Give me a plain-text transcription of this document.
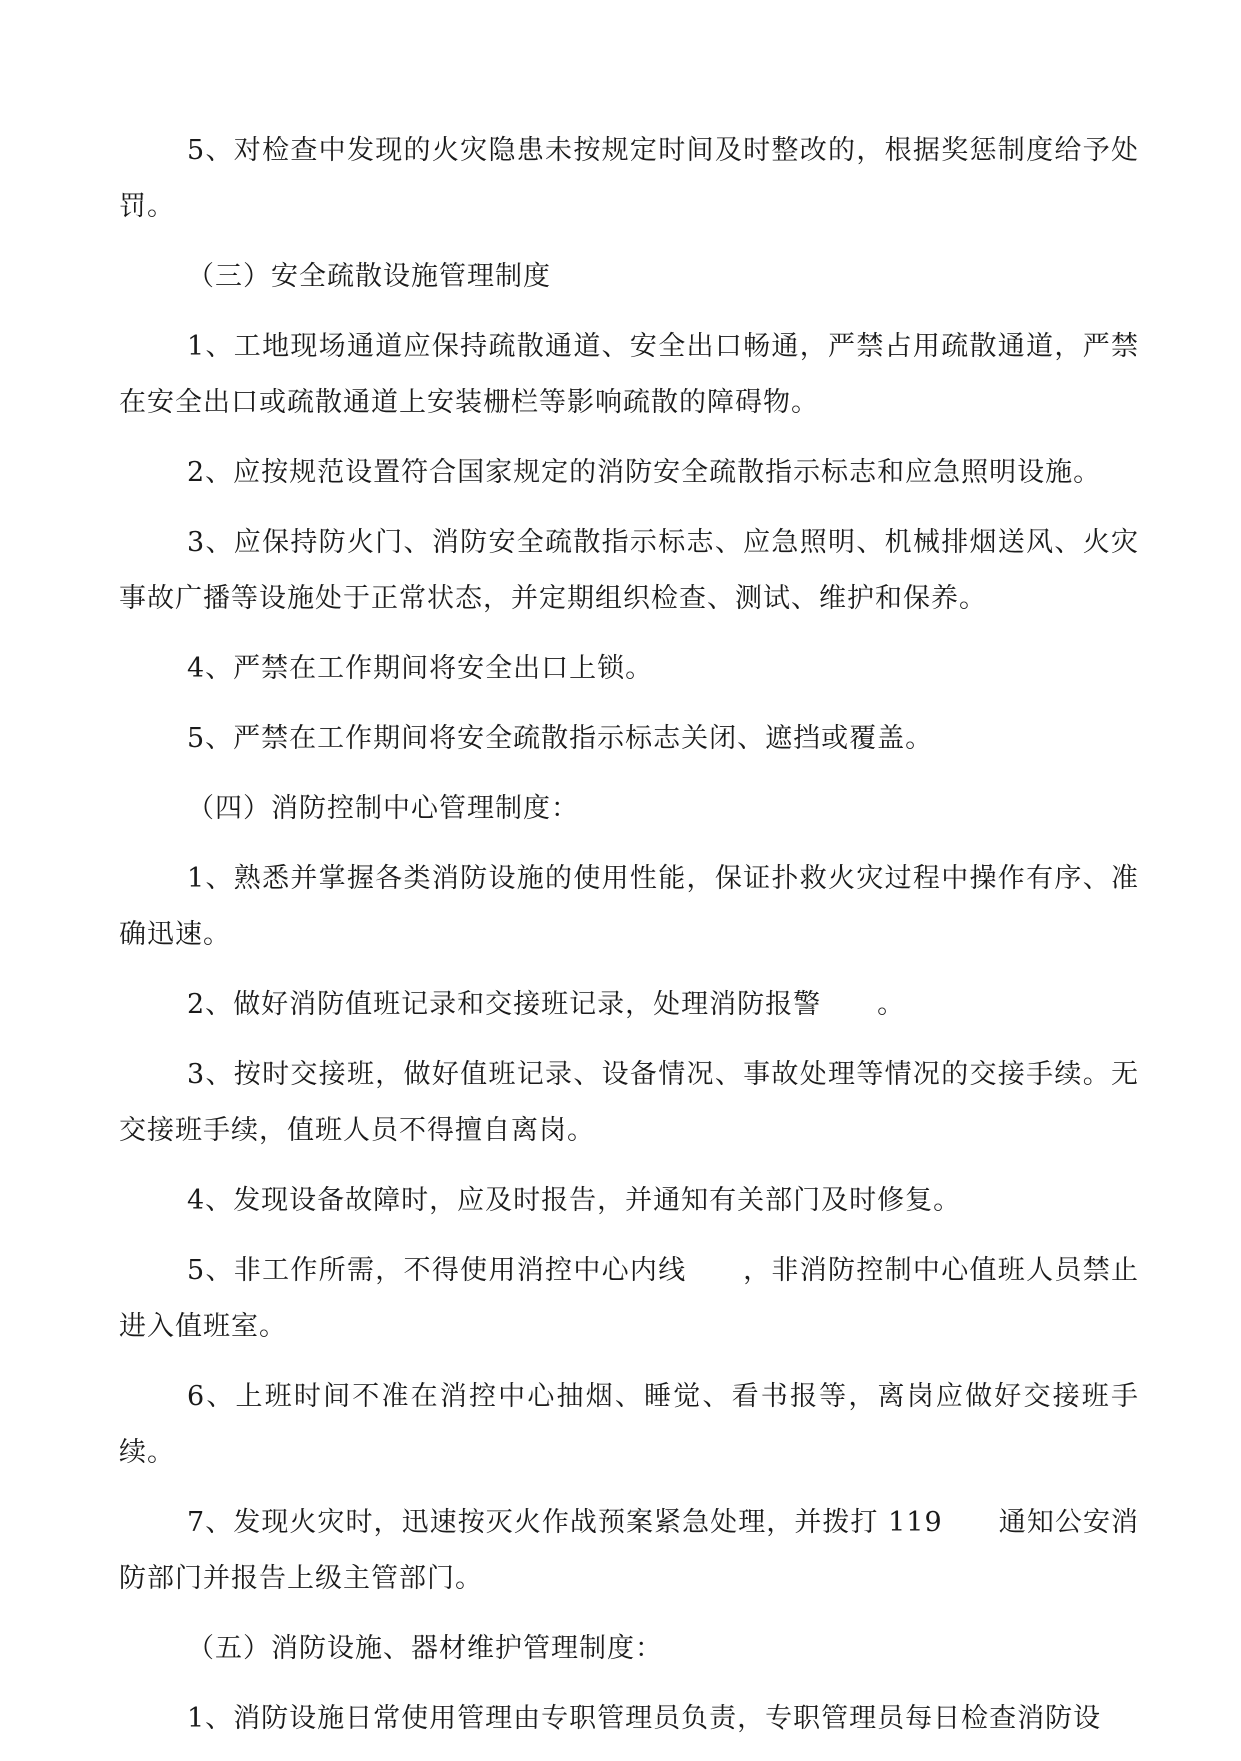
5、对检查中发现的火灾隐患未按规定时间及时整改的，根据奖惩制度给予处罚。

（三）安全疏散设施管理制度

1、工地现场通道应保持疏散通道、安全出口畅通，严禁占用疏散通道，严禁在安全出口或疏散通道上安装栅栏等影响疏散的障碍物。

2、应按规范设置符合国家规定的消防安全疏散指示标志和应急照明设施。

3、应保持防火门、消防安全疏散指示标志、应急照明、机械排烟送风、火灾事故广播等设施处于正常状态，并定期组织检查、测试、维护和保养。

4、严禁在工作期间将安全出口上锁。

5、严禁在工作期间将安全疏散指示标志关闭、遮挡或覆盖。

（四）消防控制中心管理制度：

1、熟悉并掌握各类消防设施的使用性能，保证扑救火灾过程中操作有序、准确迅速。

2、做好消防值班记录和交接班记录，处理消防报警　　。

3、按时交接班，做好值班记录、设备情况、事故处理等情况的交接手续。无交接班手续，值班人员不得擅自离岗。

4、发现设备故障时，应及时报告，并通知有关部门及时修复。

5、非工作所需，不得使用消控中心内线　　，非消防控制中心值班人员禁止进入值班室。

6、上班时间不准在消控中心抽烟、睡觉、看书报等，离岗应做好交接班手续。

7、发现火灾时，迅速按灭火作战预案紧急处理，并拨打 119　　通知公安消防部门并报告上级主管部门。

（五）消防设施、器材维护管理制度：

1、消防设施日常使用管理由专职管理员负责，专职管理员每日检查消防设
